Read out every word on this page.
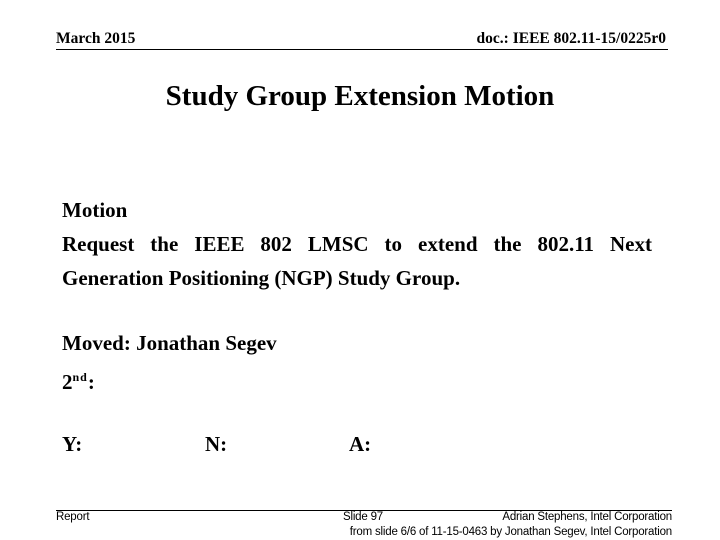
March 2015	doc.: IEEE 802.11-15/0225r0
Study Group Extension Motion
Motion
Request the IEEE 802 LMSC to extend the 802.11 Next Generation Positioning (NGP) Study Group.
Moved: Jonathan Segev
2nd:
Y:	N:	A:
Report	Slide 97	Adrian Stephens, Intel Corporation
from slide 6/6 of 11-15-0463 by Jonathan Segev, Intel Corporation
